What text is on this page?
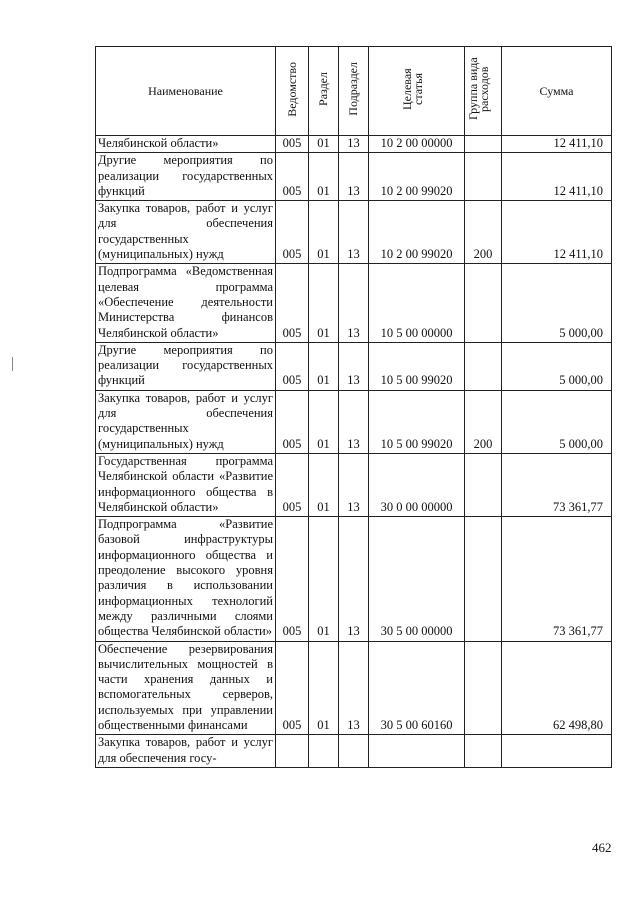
Наименование	Ведомство	Раздел	Подраздел	Целевая статья	Группа вида расходов	Сумма
Челябинской области»	005	01	13	10 2 00 00000		12 411,10
Другие мероприятия по реализации государственных функций	005	01	13	10 2 00 99020		12 411,10
Закупка товаров, работ и услуг для обеспечения государственных (муниципальных) нужд	005	01	13	10 2 00 99020	200	12 411,10
Подпрограмма «Ведомственная целевая программа «Обеспечение деятельности Министерства финансов Челябинской области»	005	01	13	10 5 00 00000		5 000,00
Другие мероприятия по реализации государственных функций	005	01	13	10 5 00 99020		5 000,00
Закупка товаров, работ и услуг для обеспечения государственных (муниципальных) нужд	005	01	13	10 5 00 99020	200	5 000,00
Государственная программа Челябинской области «Развитие информационного общества в Челябинской области»	005	01	13	30 0 00 00000		73 361,77
Подпрограмма «Развитие базовой инфраструктуры информационного общества и преодоление высокого уровня различия в использовании информационных технологий между различными слоями общества Челябинской области»	005	01	13	30 5 00 00000		73 361,77
Обеспечение резервирования вычислительных мощностей в части хранения данных и вспомогательных серверов, используемых при управлении общественными финансами	005	01	13	30 5 00 60160		62 498,80
Закупка товаров, работ и услуг для обеспечения госу-						
462
